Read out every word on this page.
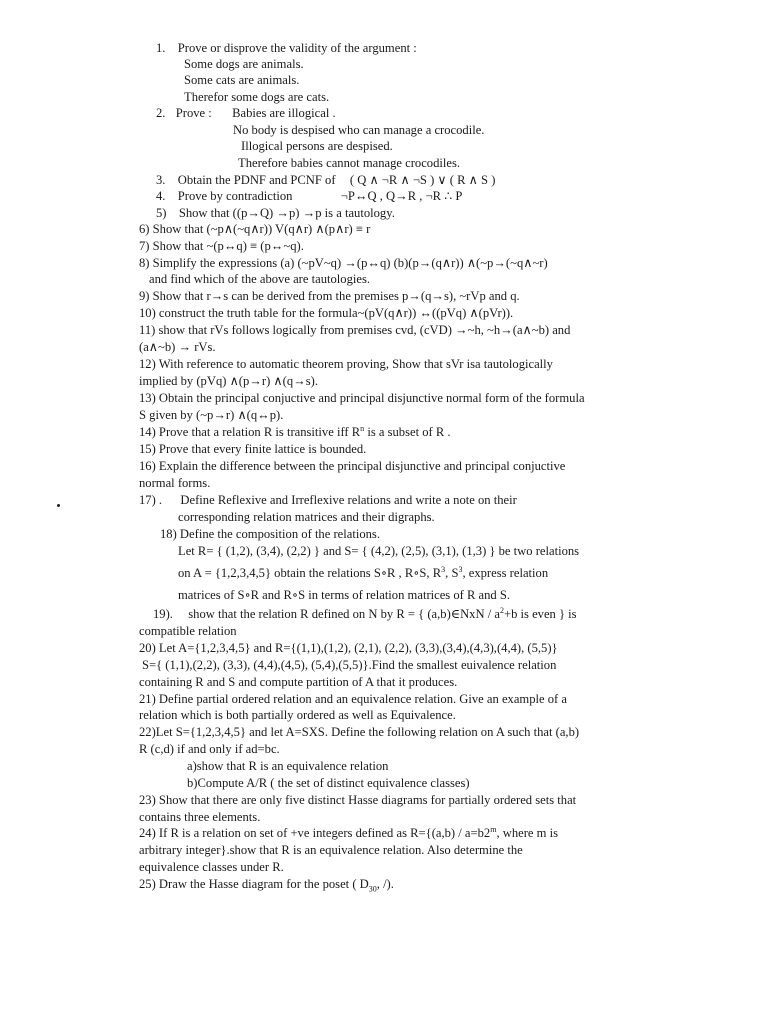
1. Prove or disprove the validity of the argument :
Some dogs are animals.
Some cats are animals.
Therefor some dogs are cats.
2. Prove : Babies are illogical .
No body is despised who can manage a crocodile.
Illogical persons are despised.
Therefore babies cannot manage crocodiles.
3. Obtain the PDNF and PCNF of ( Q ∧ ¬R ∧ ¬S ) ∨ ( R ∧ S )
4. Prove by contradiction	¬P↔Q , Q→R , ¬R ∴ P
5) Show that ((p→Q) →p) →p is a tautology.
6) Show that (~p∧(~q∧r)) V(q∧r) ∧(p∧r) ≡ r
7) Show that ~(p↔q) ≡ (p↔~q).
8) Simplify the expressions (a) (~pV~q) →(p↔q) (b)(p→(q∧r)) ∧(~p→(~q∧~r)
and find which of the above are tautologies.
9) Show that r→s can be derived from the premises p→(q→s), ~rVp and q.
10) construct the truth table for the formula~(pV(q∧r)) ↔((pVq) ∧(pVr)).
11) show that rVs follows logically from premises cvd, (cVD) →~h, ~h→(a∧~b) and
(a∧~b) → rVs.
12) With reference to automatic theorem proving, Show that sVr isa tautologically
implied by (pVq) ∧(p→r) ∧(q→s).
13) Obtain the principal conjuctive and principal disjunctive normal form of the formula
S given by (~p→r) ∧(q↔p).
14) Prove that a relation R is transitive iff $R^n$ is a subset of R .
15) Prove that every finite lattice is bounded.
16) Explain the difference between the principal disjunctive and principal conjuctive
normal forms.
17) . Define Reflexive and Irreflexive relations and write a note on their
corresponding relation matrices and their digraphs.
18) Define the composition of the relations.
Let R= { (1,2), (3,4), (2,2) } and S= { (4,2), (2,5), (3,1), (1,3) } be two relations
on A = {1,2,3,4,5} obtain the relations S∘R , R∘S, $R^3$, $S^3$, express relation
matrices of S∘R and R∘S in terms of relation matrices of R and S.
19). show that the relation R defined on N by R = { (a,b)∈NxN / $a^2+b$ is even } is
compatible relation
20) Let A={1,2,3,4,5} and R={(1,1),(1,2), (2,1), (2,2), (3,3),(3,4),(4,3),(4,4), (5,5)}
S={ (1,1),(2,2), (3,3), (4,4),(4,5), (5,4),(5,5)}.Find the smallest euivalence relation
containing R and S and compute partition of A that it produces.
21) Define partial ordered relation and an equivalence relation. Give an example of a
relation which is both partially ordered as well as Equivalence.
22)Let S={1,2,3,4,5} and let A=SXS. Define the following relation on A such that (a,b)
R (c,d) if and only if ad=bc.
a)show that R is an equivalence relation
b)Compute A/R ( the set of distinct equivalence classes)
23) Show that there are only five distinct Hasse diagrams for partially ordered sets that
contains three elements.
24) If R is a relation on set of +ve integers defined as $R=\{(a,b) / a=b2^m$, where m is
arbitrary integer}.show that R is an equivalence relation. Also determine the
equivalence classes under R.
25) Draw the Hasse diagram for the poset ( $D_{30}$, /).
